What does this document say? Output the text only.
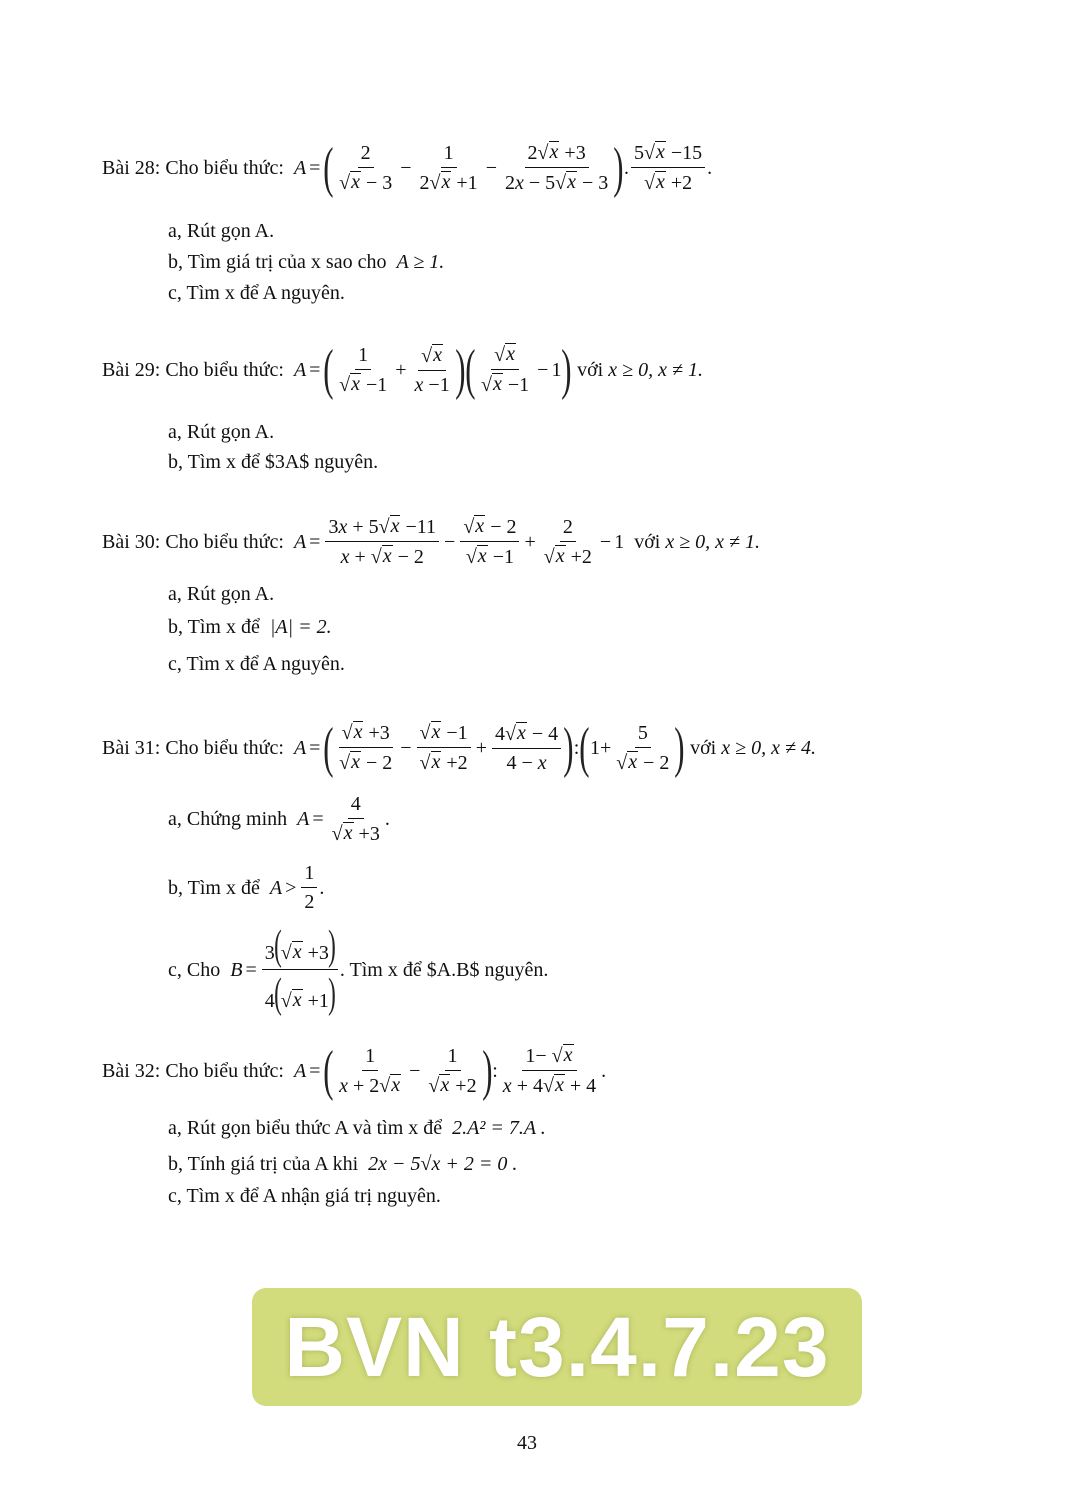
Bài 28: Cho biểu thức: A = ( $\frac{2}{√ x - 3} - \frac{1}{2 √ x +1} - \frac{2 √ x +3}{2x - 5 √ x - 3}$ ) . $\frac{5 √ x -15}{√ x +2}$ .
a, Rút gọn A.
b, Tìm giá trị của x sao cho
A ≥ 1.
c, Tìm x để A nguyên.
Bài 29: Cho biểu thức: A = ( $\frac{1}{√ x -1} + \frac{√ x}{x -1}$ ) ( $\frac{√ x}{√ x -1} - 1$ )
với
x ≥ 0, x ≠ 1.
a, Rút gọn A.
b, Tìm x để $3A$ nguyên.
Bài 30: Cho biểu thức: $A = \frac{3x + 5 √ x -11}{x + √ x - 2} - \frac{√ x - 2}{√ x -1} + \frac{2}{√ x +2} - 1$ với
x ≥ 0, x ≠ 1.
a, Rút gọn A.
b, Tìm x để
|A| = 2.
c, Tìm x để A nguyên.
Bài 31: Cho biểu thức: A = ( $\frac{√ x +3}{√ x - 2} - \frac{√ x -1}{√ x +2} + \frac{4 √ x - 4}{4 - x}$ ) : ( $1+ \frac{5}{√ x - 2}$ )
với
x ≥ 0, x ≠ 4.
a, Chứng minh
$A = \frac{4}{√ x +3}$ .
b, Tìm x để
$A > \frac{1}{2}$ .
c, Cho
$B = \frac{3( √ x +3)}{4( √ x +1)}$ . Tìm x để $A.B$ nguyên.
Bài 32: Cho biểu thức: A = ( $\frac{1}{x + 2 √ x} - \frac{1}{√ x +2}$ ) : $\frac{1- √ x}{x + 4 √ x + 4}$ .
a, Rút gọn biểu thức A và tìm x để
2.A² = 7.A .
b, Tính giá trị của A khi
2x − 5√x + 2 = 0 .
c, Tìm x để A nhận giá trị nguyên.
BVN t3.4.7.23
43
